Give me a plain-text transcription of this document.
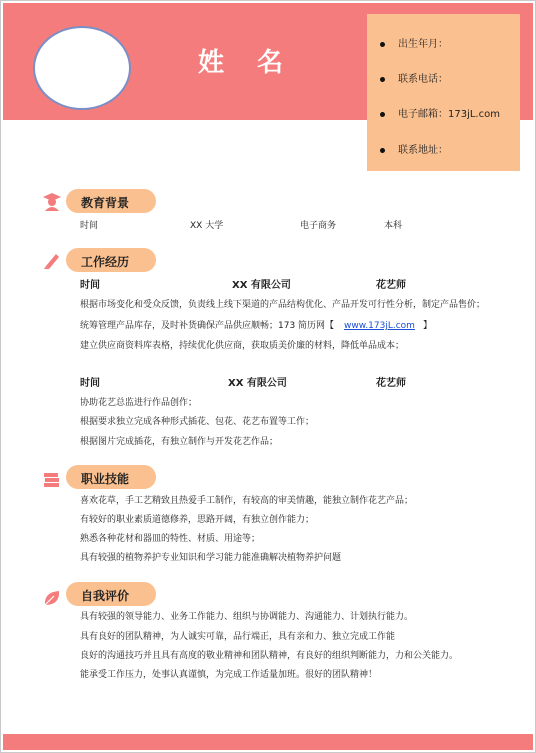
姓 名
出生年月：
联系电话：
电子邮箱：173jL.com
联系地址：
教育背景
时间	XX 大学	电子商务	本科
工作经历
时间	XX 有限公司	花艺师
根据市场变化和受众反馈，负责线上线下渠道的产品结构优化、产品开发可行性分析，制定产品售价；
统筹管理产品库存，及时补货确保产品供应顺畅；173 简历网【 www.173jL.com 】
建立供应商资料库表格，持续优化供应商，获取质美价廉的材料，降低单品成本；
时间	XX 有限公司	花艺师
协助花艺总监进行作品创作；
根据要求独立完成各种形式插花、包花、花艺布置等工作；
根据图片完成插花，有独立制作与开发花艺作品；
职业技能
喜欢花草，手工艺精致且热爱手工制作，有较高的审美情趣，能独立制作花艺产品；
有较好的职业素质道德修养，思路开阔，有独立创作能力；
熟悉各种花材和器皿的特性、材质、用途等；
具有较强的植物养护专业知识和学习能力能准确解决植物养护问题
自我评价
具有较强的领导能力、业务工作能力、组织与协调能力、沟通能力、计划执行能力。
具有良好的团队精神，为人诚实可靠，品行端正，具有亲和力、独立完成工作能
良好的沟通技巧并且具有高度的敬业精神和团队精神，有良好的组织判断能力，力和公关能力。
能承受工作压力，处事认真谨慎，为完成工作适量加班。很好的团队精神！
